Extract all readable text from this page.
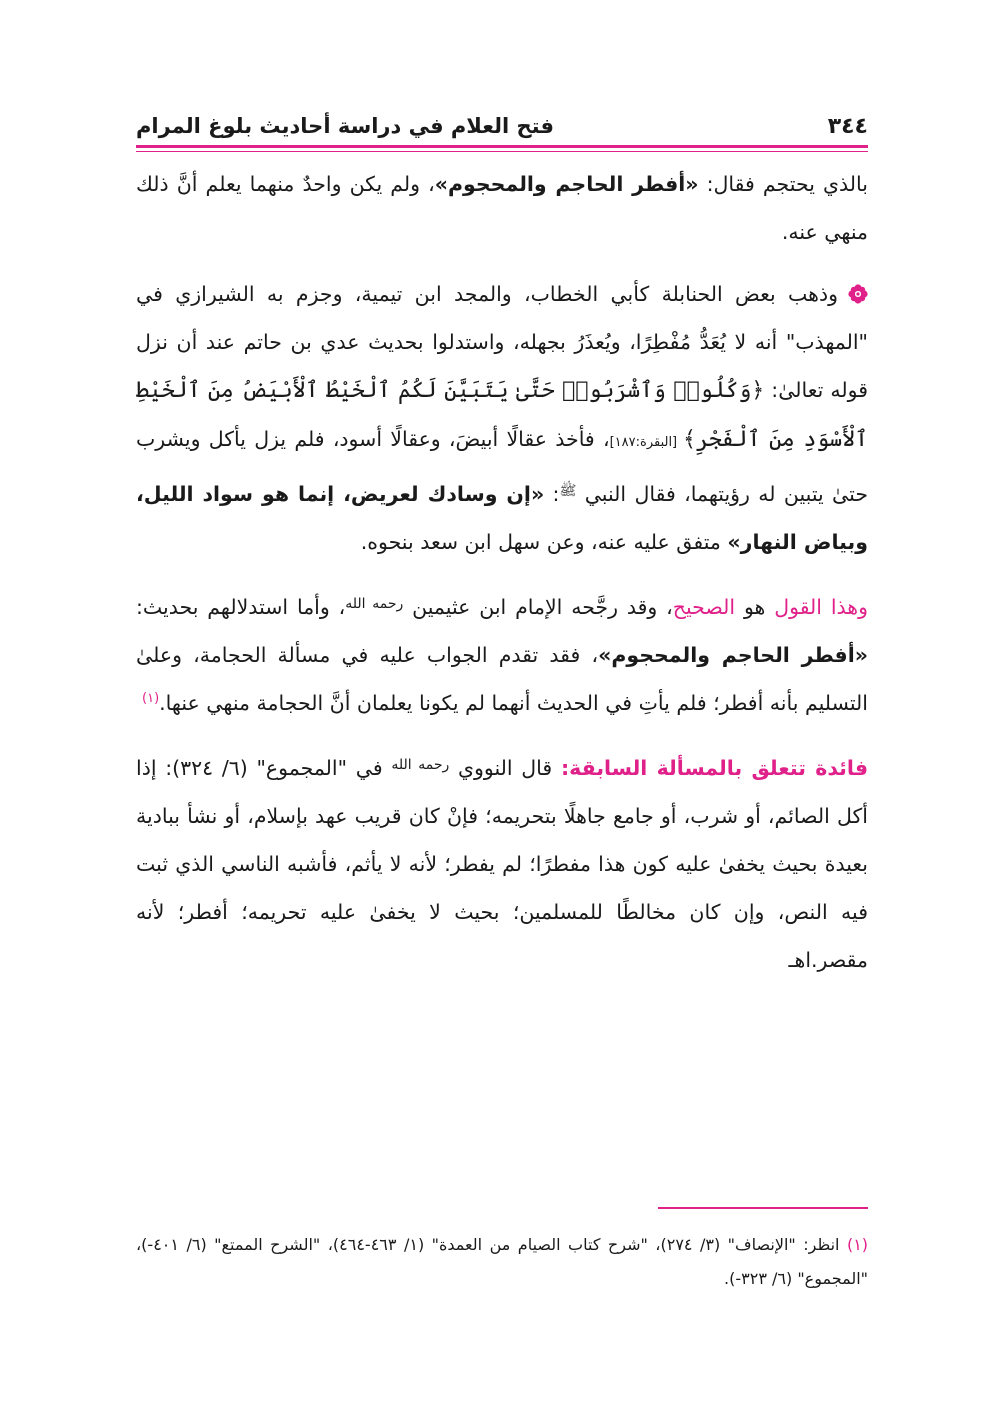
٣٤٤
فتح العلام في دراسة أحاديث بلوغ المرام

بالذي يحتجم فقال: «أفطر الحاجم والمحجوم»، ولم يكن واحدٌ منهما يعلم أنَّ ذلك منهي عنه.

وذهب بعض الحنابلة كأبي الخطاب، والمجد ابن تيمية، وجزم به الشيرازي في "المهذب" أنه لا يُعَدُّ مُفْطِرًا، ويُعذَرُ بجهله، واستدلوا بحديث عدي بن حاتم عند أن نزل قوله تعالىٰ: ﴿وَكُلُوا۟ وَٱشْرَبُوا۟ حَتَّىٰ يَتَبَيَّنَ لَكُمُ ٱلْخَيْطُ ٱلْأَبْيَضُ مِنَ ٱلْخَيْطِ ٱلْأَسْوَدِ مِنَ ٱلْفَجْرِ﴾ [البقرة:١٨٧]، فأخذ عقالًا أبيضَ، وعقالًا أسود، فلم يزل يأكل ويشرب حتىٰ يتبين له رؤيتهما، فقال النبي $^ﷺ$: «إن وسادك لعريض، إنما هو سواد الليل، وبياض النهار» متفق عليه عنه، وعن سهل ابن سعد بنحوه.

وهذا القول هو الصحيح، وقد رجَّحه الإمام ابن عثيمين $^{رحمه الله}$، وأما استدلالهم بحديث: «أفطر الحاجم والمحجوم»، فقد تقدم الجواب عليه في مسألة الحجامة، وعلىٰ التسليم بأنه أفطر؛ فلم يأتِ في الحديث أنهما لم يكونا يعلمان أنَّ الحجامة منهي عنها.$^{(١)}$

فائدة تتعلق بالمسألة السابقة: قال النووي $^{رحمه الله}$ في "المجموع" (٦/ ٣٢٤): إذا أكل الصائم، أو شرب، أو جامع جاهلًا بتحريمه؛ فإنْ كان قريب عهد بإسلام، أو نشأ ببادية بعيدة بحيث يخفىٰ عليه كون هذا مفطرًا؛ لم يفطر؛ لأنه لا يأثم، فأشبه الناسي الذي ثبت فيه النص، وإن كان مخالطًا للمسلمين؛ بحيث لا يخفىٰ عليه تحريمه؛ أفطر؛ لأنه مقصر.اهـ

(١) انظر: "الإنصاف" (٣/ ٢٧٤)، "شرح كتاب الصيام من العمدة" (١/ ٤٦٣-٤٦٤)، "الشرح الممتع" (٦/ ٤٠١-)، "المجموع" (٦/ ٣٢٣-).
